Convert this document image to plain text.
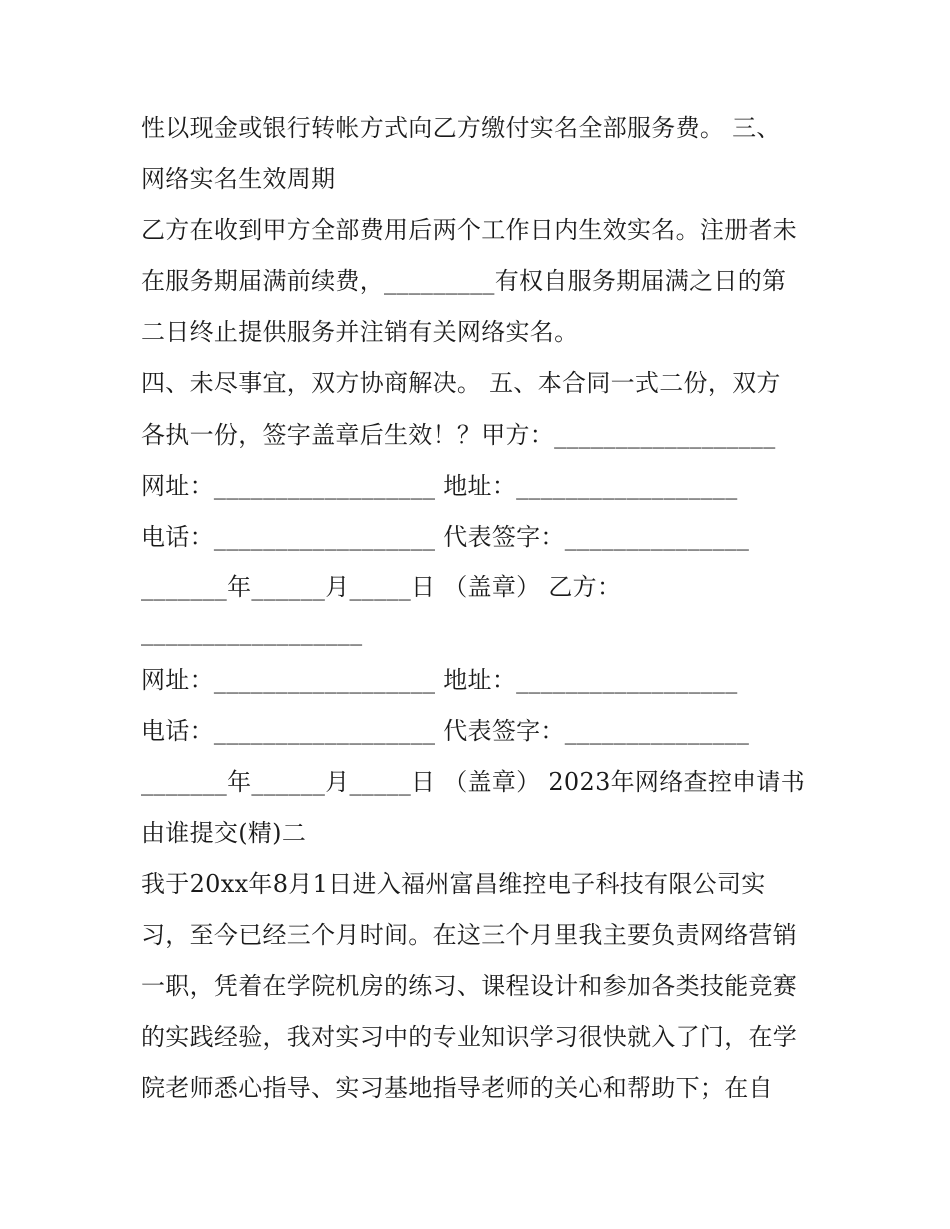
性以现金或银行转帐方式向乙方缴付实名全部服务费。 三、
网络实名生效周期
乙方在收到甲方全部费用后两个工作日内生效实名。注册者未
在服务期届满前续费，_________有权自服务期届满之日的第
二日终止提供服务并注销有关网络实名。
四、未尽事宜，双方协商解决。 五、本合同一式二份，双方
各执一份，签字盖章后生效！？甲方：__________________
网址：__________________ 地址：__________________
电话：__________________ 代表签字：_______________
_______年______月_____日 （盖章） 乙方：
__________________
网址：__________________ 地址：__________________
电话：__________________ 代表签字：_______________
_______年______月_____日 （盖章） 2023年网络查控申请书
由谁提交(精)二
我于20xx年8月1日进入福州富昌维控电子科技有限公司实
习，至今已经三个月时间。在这三个月里我主要负责网络营销
一职，凭着在学院机房的练习、课程设计和参加各类技能竞赛
的实践经验，我对实习中的专业知识学习很快就入了门，在学
院老师悉心指导、实习基地指导老师的关心和帮助下；在自
